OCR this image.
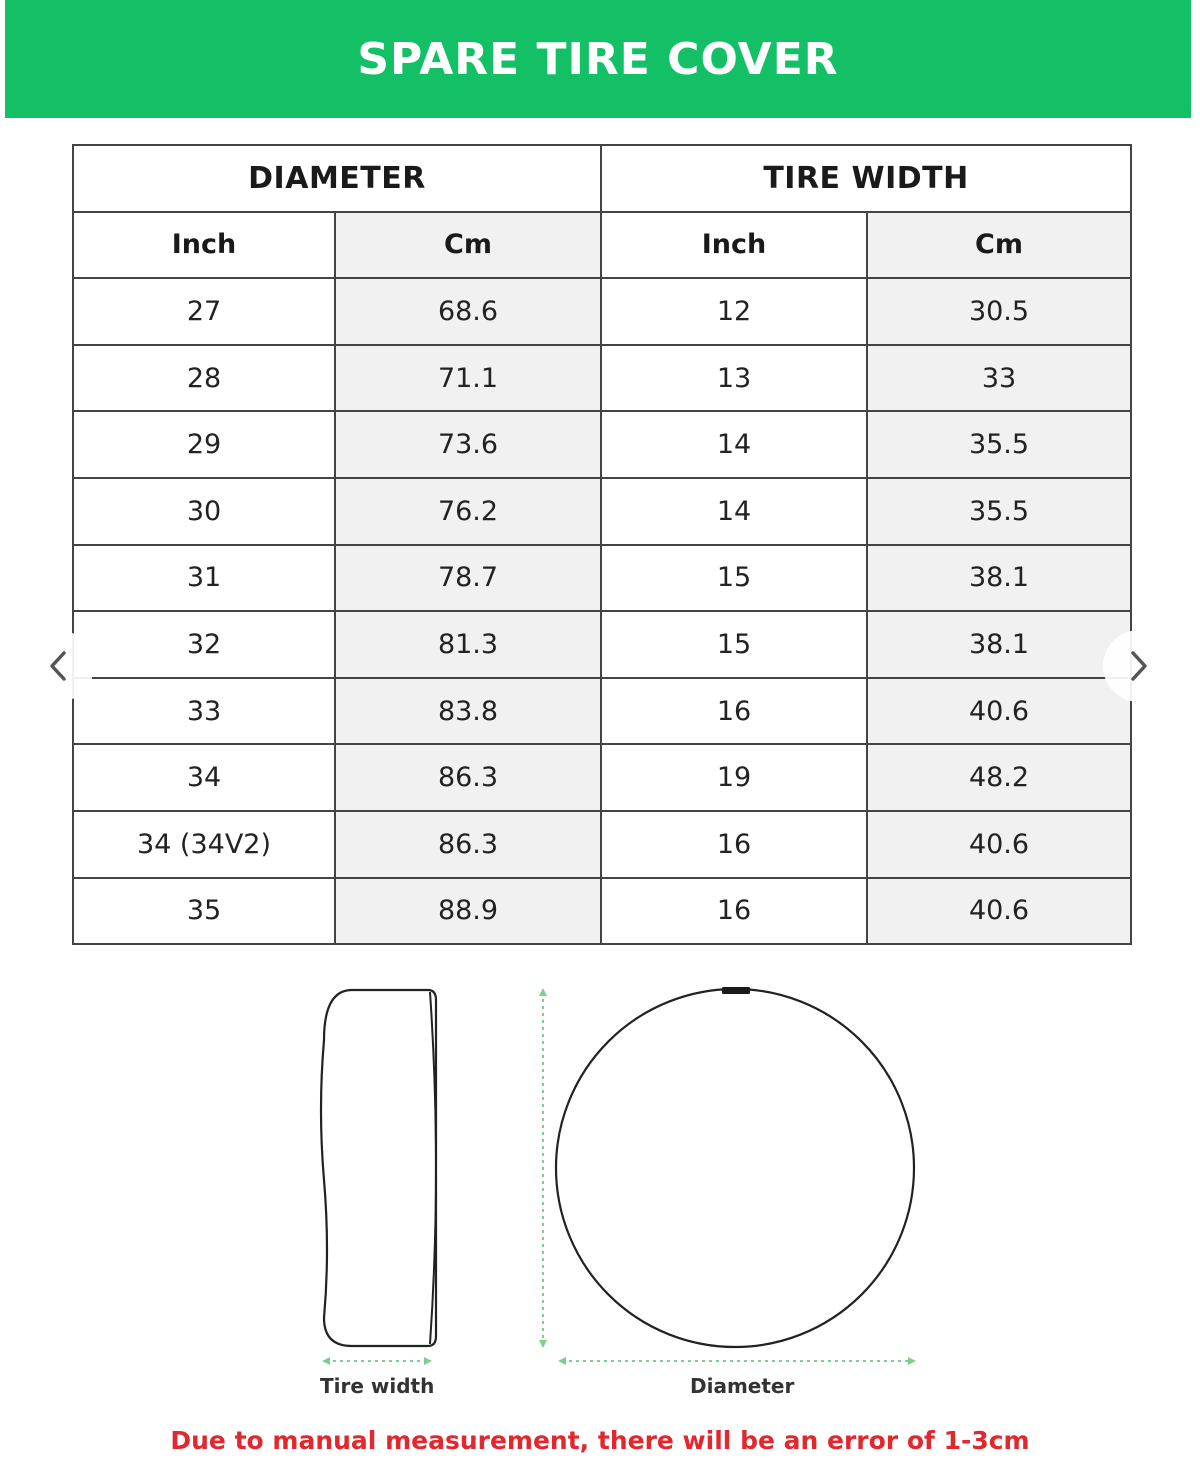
SPARE TIRE COVER
DIAMETER		TIRE WIDTH	
Inch	Cm	Inch	Cm
27	68.6	12	30.5
28	71.1	13	33
29	73.6	14	35.5
30	76.2	14	35.5
31	78.7	15	38.1
32	81.3	15	38.1
33	83.8	16	40.6
34	86.3	19	48.2
34 (34V2)	86.3	16	40.6
35	88.9	16	40.6
Tire width	Diameter
Due to manual measurement, there will be an error of 1-3cm
